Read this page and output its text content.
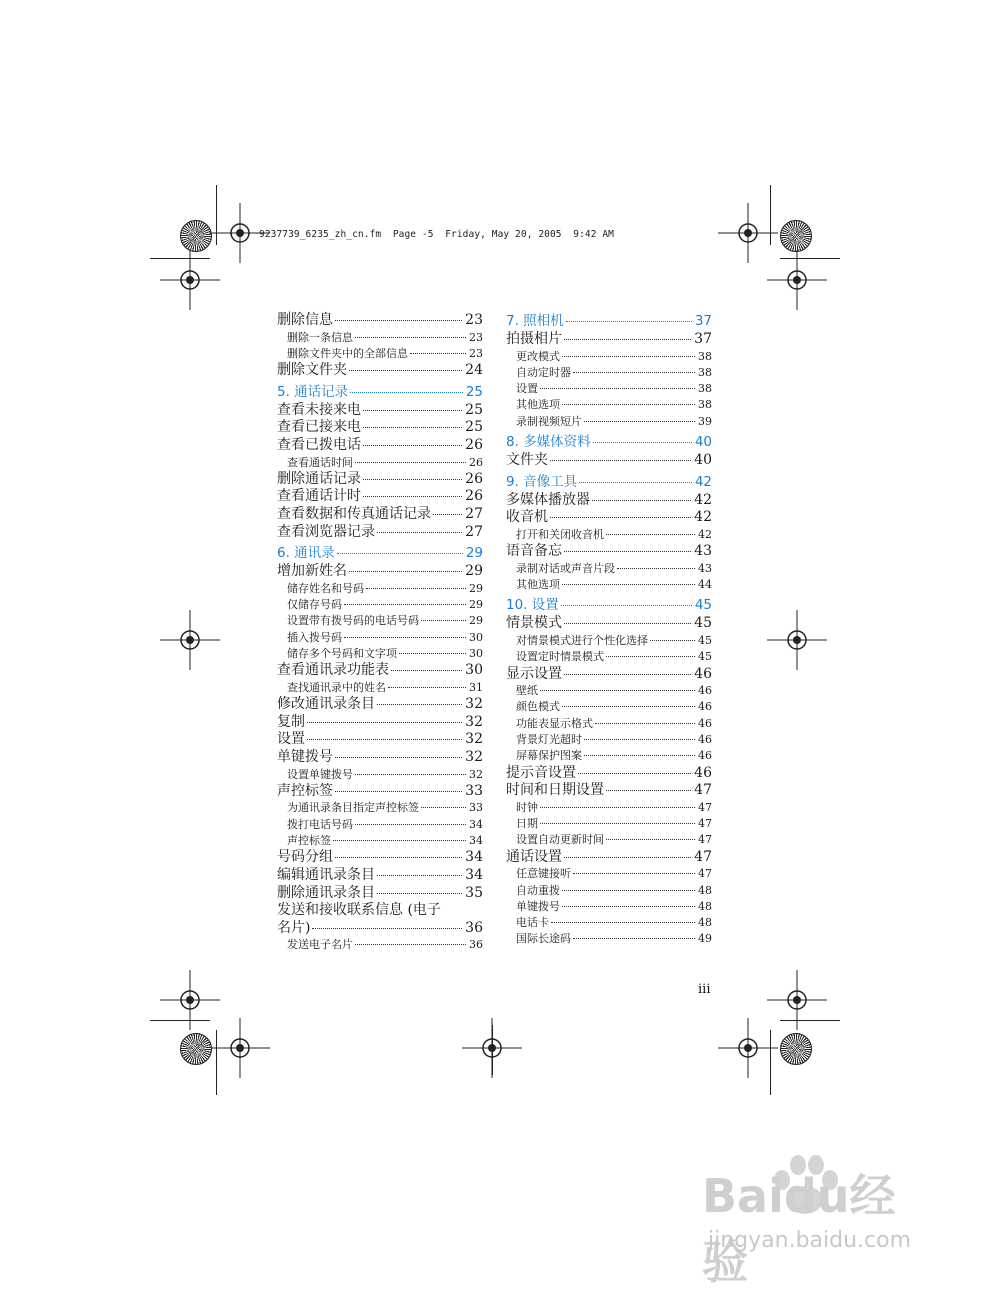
9237739_6235_zh_cn.fm  Page -5  Friday, May 20, 2005  9:42 AM
删除信息	23
删除一条信息	23
删除文件夹中的全部信息	23
删除文件夹	24
5. 通话记录	25
查看未接来电	25
查看已接来电	25
查看已拨电话	26
查看通话时间	26
删除通话记录	26
查看通话计时	26
查看数据和传真通话记录 27
查看浏览器记录	27
6. 通讯录	29
增加新姓名	29
储存姓名和号码	29
仅储存号码	29
设置带有拨号码的电话号码	29
插入拨号码	30
储存多个号码和文字项	30
查看通讯录功能表	30
查找通讯录中的姓名	31
修改通讯录条目	32
复制	32
设置	32
单键拨号	32
设置单键拨号	32
声控标签	33
为通讯录条目指定声控标签	33
拨打电话号码	34
声控标签	34
号码分组	34
编辑通讯录条目	34
删除通讯录条目	35
发送和接收联系信息 (电子
名片)	36
发送电子名片	36
7. 照相机	37
拍摄相片	37
更改模式	38
自动定时器	38
设置	38
其他选项	38
录制视频短片	39
8. 多媒体资料	40
文件夹	40
9. 音像工具	42
多媒体播放器	42
收音机	42
打开和关闭收音机	42
语音备忘	43
录制对话或声音片段	43
其他选项	44
10. 设置	45
情景模式	45
对情景模式进行个性化选择	45
设置定时情景模式	45
显示设置	46
壁纸	46
颜色模式	46
功能表显示格式	46
背景灯光超时	46
屏幕保护图案	46
提示音设置	46
时间和日期设置	47
时钟	47
日期	47
设置自动更新时间	47
通话设置	47
任意键接听	47
自动重拨	48
单键拨号	48
电话卡	48
国际长途码	49
iii
Baidu经验
jingyan.baidu.com
